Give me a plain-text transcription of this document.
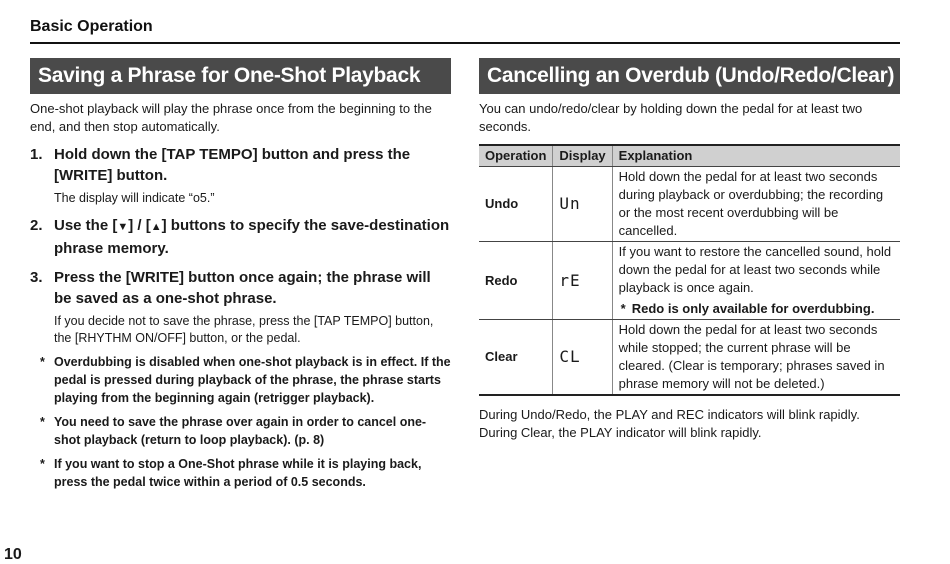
Basic Operation
Saving a Phrase for One-Shot Playback	Cancelling an Overdub (Undo/Redo/Clear)

One-shot playback will play the phrase once from the beginning to the end, and then stop automatically.

1. Hold down the [TAP TEMPO] button and press the [WRITE] button.
The display will indicate “ο5.”
2. Use the [▼] / [▲] buttons to specify the save-destination phrase memory.
3. Press the [WRITE] button once again; the phrase will be saved as a one-shot phrase.
If you decide not to save the phrase, press the [TAP TEMPO] button, the [RHYTHM ON/OFF] button, or the pedal.
* Overdubbing is disabled when one-shot playback is in effect. If the pedal is pressed during playback of the phrase, the phrase starts playing from the beginning again (retrigger playback).
* You need to save the phrase over again in order to cancel one-shot playback (return to loop playback). (p. 8)
* If you want to stop a One-Shot phrase while it is playing back, press the pedal twice within a period of 0.5 seconds.

You can undo/redo/clear by holding down the pedal for at least two seconds.

Operation	Display	Explanation
Undo	Un	Hold down the pedal for at least two seconds during playback or overdubbing; the recording or the most recent overdubbing will be cancelled.
Redo	rE	If you want to restore the cancelled sound, hold down the pedal for at least two seconds while playback is once again.
* Redo is only available for overdubbing.

Clear	CL	Hold down the pedal for at least two seconds while stopped; the current phrase will be cleared. (Clear is temporary; phrases saved in phrase memory will not be deleted.)

During Undo/Redo, the PLAY and REC indicators will blink rapidly.
During Clear, the PLAY indicator will blink rapidly.

10
